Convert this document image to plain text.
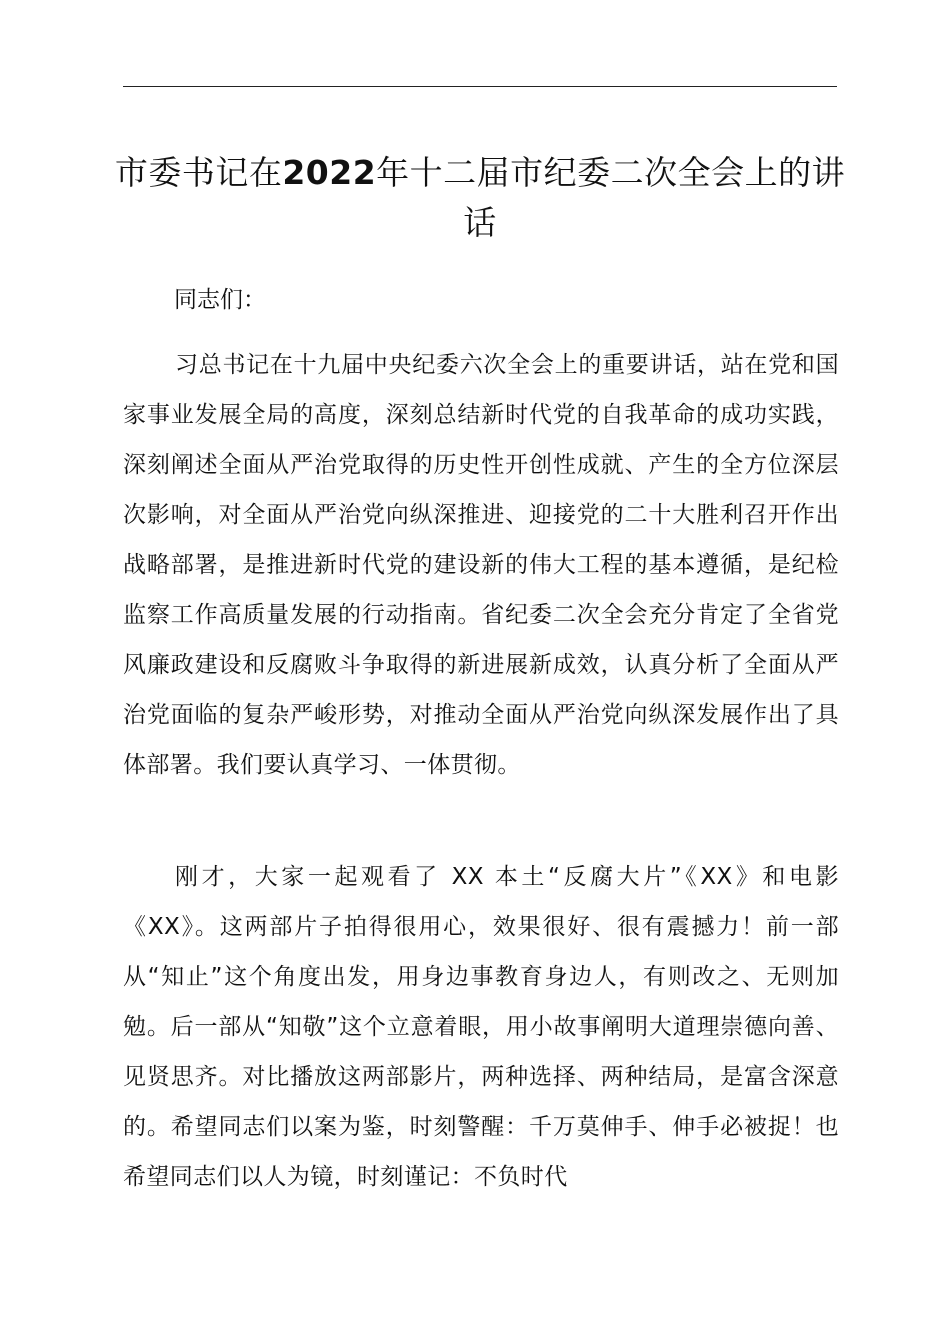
市委书记在2022年十二届市纪委二次全会上的讲话

同志们：

习总书记在十九届中央纪委六次全会上的重要讲话，站在党和国家事业发展全局的高度，深刻总结新时代党的自我革命的成功实践，深刻阐述全面从严治党取得的历史性开创性成就、产生的全方位深层次影响，对全面从严治党向纵深推进、迎接党的二十大胜利召开作出战略部署，是推进新时代党的建设新的伟大工程的基本遵循，是纪检监察工作高质量发展的行动指南。省纪委二次全会充分肯定了全省党风廉政建设和反腐败斗争取得的新进展新成效，认真分析了全面从严治党面临的复杂严峻形势，对推动全面从严治党向纵深发展作出了具体部署。我们要认真学习、一体贯彻。

刚才，大家一起观看了 XX 本土“反腐大片”《XX》和电影《XX》。这两部片子拍得很用心，效果很好、很有震撼力！前一部从“知止”这个角度出发，用身边事教育身边人，有则改之、无则加勉。后一部从“知敬”这个立意着眼，用小故事阐明大道理崇德向善、见贤思齐。对比播放这两部影片，两种选择、两种结局，是富含深意的。希望同志们以案为鉴，时刻警醒：千万莫伸手、伸手必被捉！也希望同志们以人为镜，时刻谨记：不负时代
